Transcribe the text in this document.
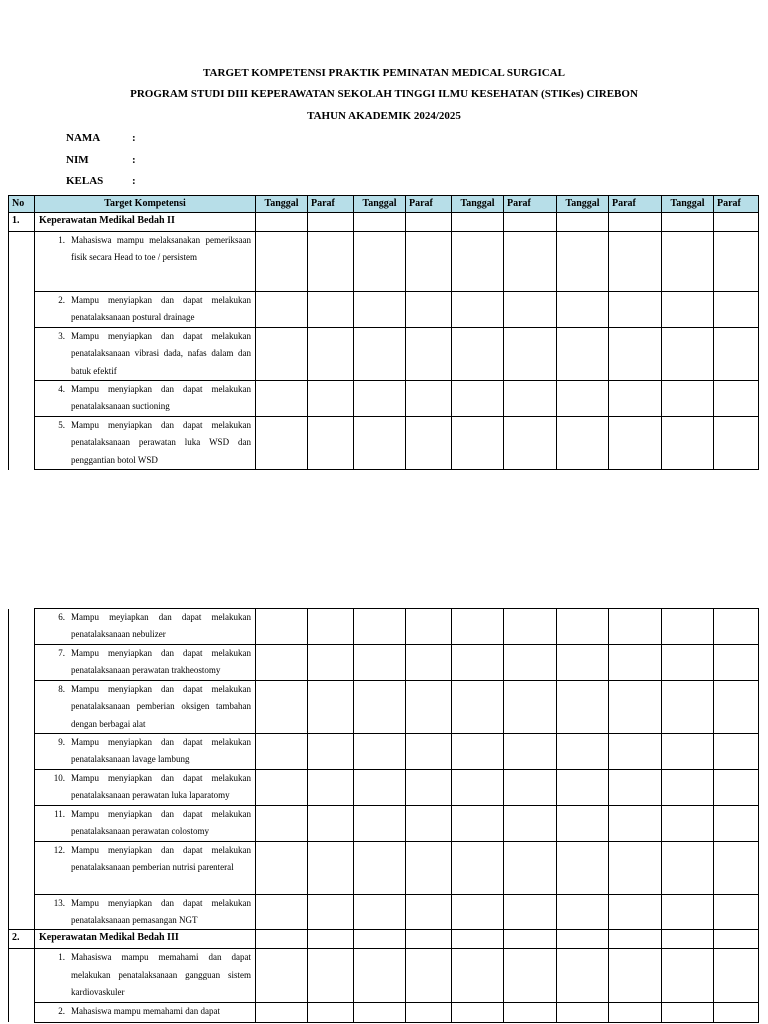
TARGET KOMPETENSI PRAKTIK PEMINATAN MEDICAL SURGICAL
PROGRAM STUDI DIII KEPERAWATAN SEKOLAH TINGGI ILMU KESEHATAN (STIKes) CIREBON
TAHUN AKADEMIK 2024/2025
NAMA	:
NIM	:
KELAS	:
No	Target Kompetensi	Tanggal	Paraf	Tanggal	Paraf	Tanggal	Paraf	Tanggal	Paraf	Tanggal	Paraf
1.	Keperawatan Medikal Bedah II										

	1. Mahasiswa mampu melaksanakan pemeriksaan fisik secara Head to toe / persistem										

	2. Mampu menyiapkan dan dapat melakukan penatalaksanaan postural drainage										

	3. Mampu menyiapkan dan dapat melakukan penatalaksanaan vibrasi dada, nafas dalam dan batuk efektif										

	4. Mampu menyiapkan dan dapat melakukan penatalaksanaan suctioning										

	5. Mampu menyiapkan dan dapat melakukan penatalaksanaan perawatan luka WSD dan penggantian botol WSD										

	6. Mampu meyiapkan dan dapat melakukan penatalaksanaan nebulizer										

	7. Mampu menyiapkan dan dapat melakukan penatalaksanaan perawatan trakheostomy										

	8. Mampu menyiapkan dan dapat melakukan penatalaksanaan pemberian oksigen tambahan dengan berbagai alat										

	9. Mampu menyiapkan dan dapat melakukan penatalaksanaan lavage lambung										

	10. Mampu menyiapkan dan dapat melakukan penatalaksanaan perawatan luka laparatomy										

	11. Mampu menyiapkan dan dapat melakukan penatalaksanaan perawatan colostomy										

	12. Mampu menyiapkan dan dapat melakukan penatalaksanaan pemberian nutrisi parenteral										

	13. Mampu menyiapkan dan dapat melakukan penatalaksanaan pemasangan NGT										

2.	Keperawatan Medikal Bedah III										

	1. Mahasiswa mampu memahami dan dapat melakukan penatalaksanaan gangguan sistem kardiovaskuler										

	2. Mahasiswa mampu memahami dan dapat										
